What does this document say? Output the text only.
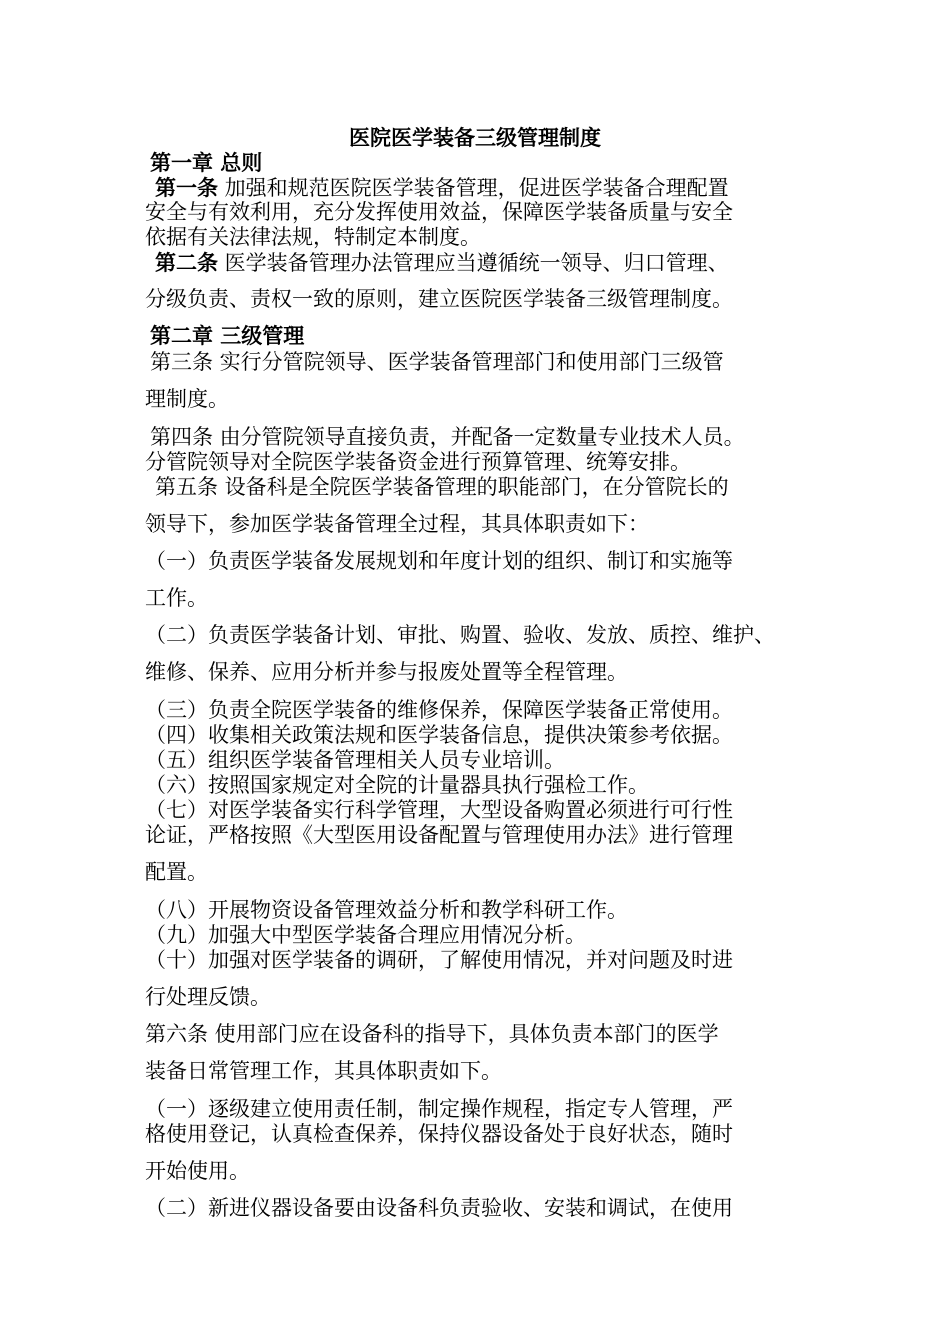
医院医学装备三级管理制度
第一章 总则
第一条 加强和规范医院医学装备管理，促进医学装备合理配置
安全与有效利用，充分发挥使用效益，保障医学装备质量与安全
依据有关法律法规，特制定本制度。
第二条 医学装备管理办法管理应当遵循统一领导、归口管理、
分级负责、责权一致的原则，建立医院医学装备三级管理制度。
第二章 三级管理
第三条 实行分管院领导、医学装备管理部门和使用部门三级管
理制度。
第四条 由分管院领导直接负责，并配备一定数量专业技术人员。
分管院领导对全院医学装备资金进行预算管理、统筹安排。
第五条 设备科是全院医学装备管理的职能部门，在分管院长的
领导下，参加医学装备管理全过程，其具体职责如下：
（一）负责医学装备发展规划和年度计划的组织、制订和实施等
工作。
（二）负责医学装备计划、审批、购置、验收、发放、质控、维护、
维修、保养、应用分析并参与报废处置等全程管理。
（三）负责全院医学装备的维修保养，保障医学装备正常使用。
（四）收集相关政策法规和医学装备信息，提供决策参考依据。
（五）组织医学装备管理相关人员专业培训。
（六）按照国家规定对全院的计量器具执行强检工作。
（七）对医学装备实行科学管理，大型设备购置必须进行可行性
论证，严格按照《大型医用设备配置与管理使用办法》进行管理
配置。
（八）开展物资设备管理效益分析和教学科研工作。
（九）加强大中型医学装备合理应用情况分析。
（十）加强对医学装备的调研，了解使用情况，并对问题及时进
行处理反馈。
第六条 使用部门应在设备科的指导下，具体负责本部门的医学
装备日常管理工作，其具体职责如下。
（一）逐级建立使用责任制，制定操作规程，指定专人管理，严
格使用登记，认真检查保养，保持仪器设备处于良好状态，随时
开始使用。
（二）新进仪器设备要由设备科负责验收、安装和调试，在使用
